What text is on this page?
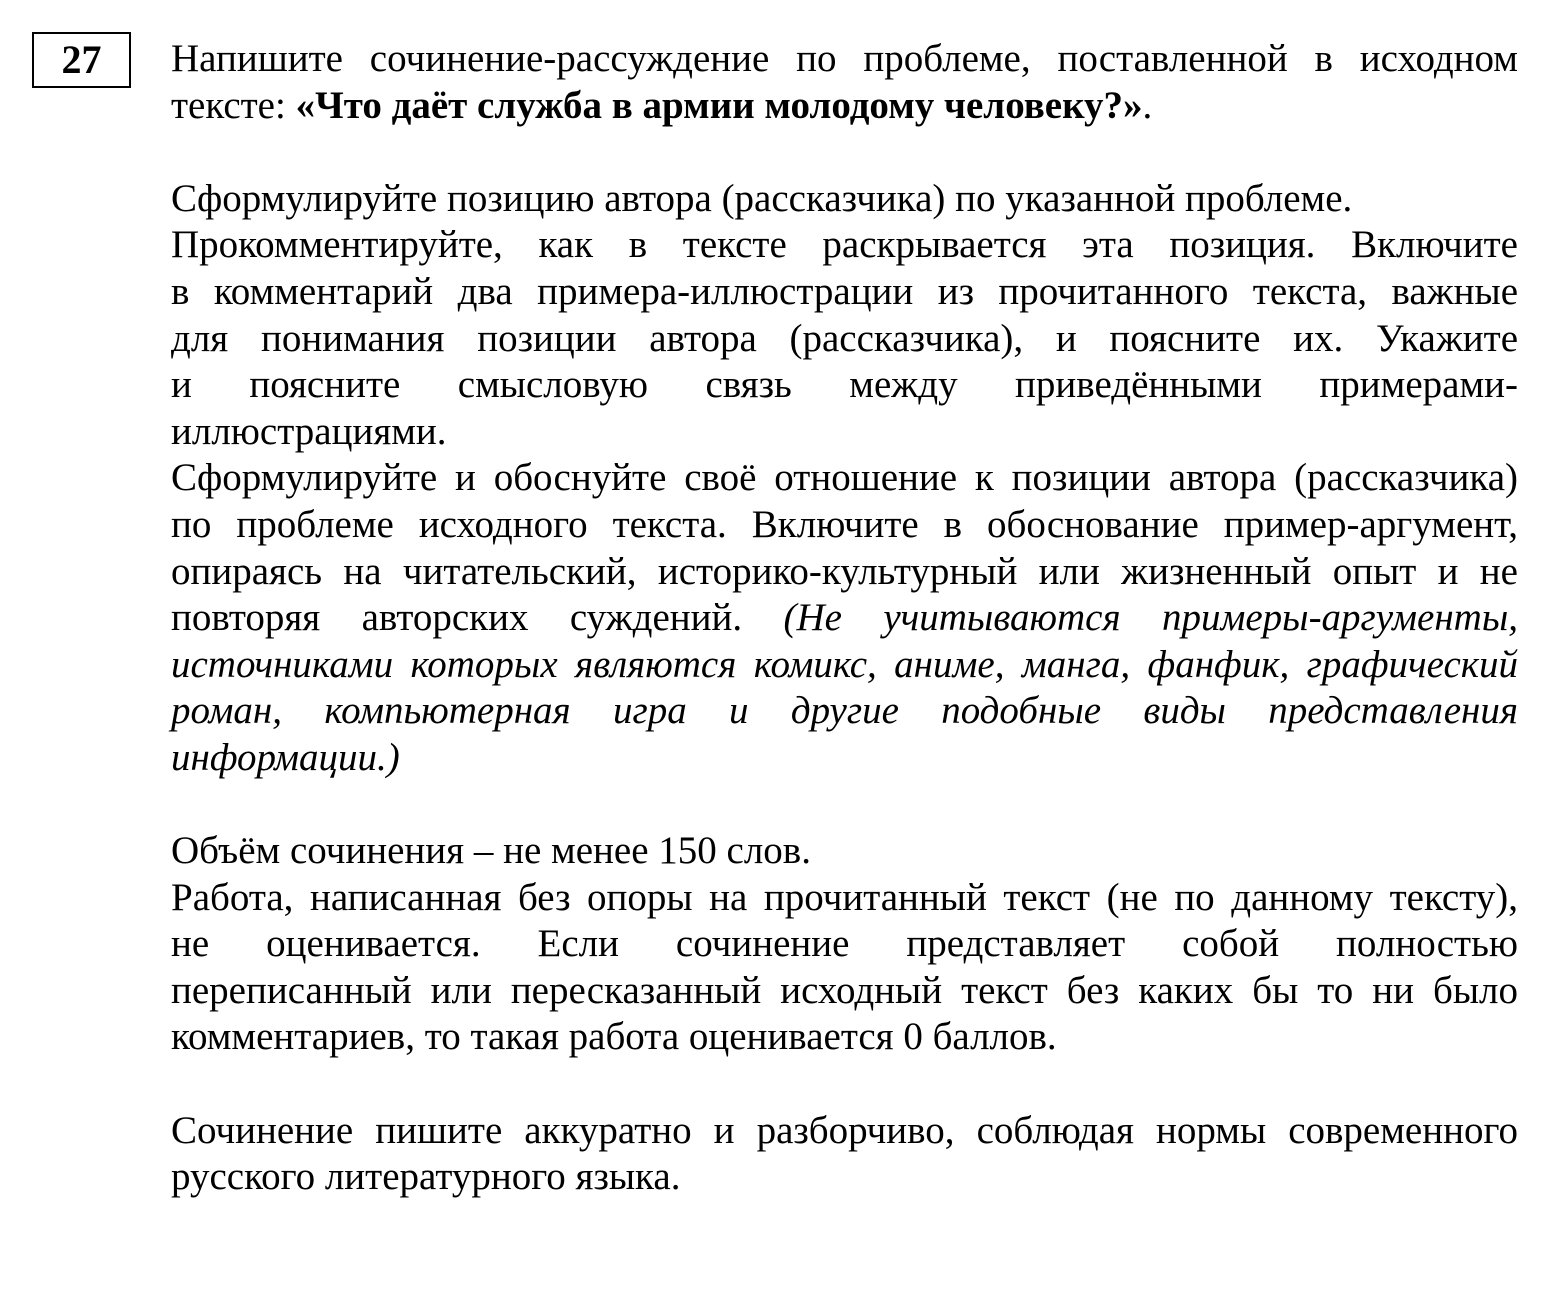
27 Напишите сочинение-рассуждение по проблеме, поставленной в исходном
тексте: «Что даёт служба в армии молодому человеку?».
Сформулируйте позицию автора (рассказчика) по указанной проблеме.
Прокомментируйте, как в тексте раскрывается эта позиция. Включите
в комментарий два примера-иллюстрации из прочитанного текста, важные
для понимания позиции автора (рассказчика), и поясните их. Укажите
и поясните смысловую связь между приведёнными примерами-
иллюстрациями.
Сформулируйте и обоснуйте своё отношение к позиции автора (рассказчика)
по проблеме исходного текста. Включите в обоснование пример-аргумент,
опираясь на читательский, историко-культурный или жизненный опыт и не
повторяя авторских суждений. (Не учитываются примеры-аргументы,
источниками которых являются комикс, аниме, манга, фанфик, графический
роман, компьютерная игра и другие подобные виды представления
информации.)
Объём сочинения – не менее 150 слов.
Работа, написанная без опоры на прочитанный текст (не по данному тексту),
не оценивается. Если сочинение представляет собой полностью
переписанный или пересказанный исходный текст без каких бы то ни было
комментариев, то такая работа оценивается 0 баллов.
Сочинение пишите аккуратно и разборчиво, соблюдая нормы современного
русского литературного языка.
